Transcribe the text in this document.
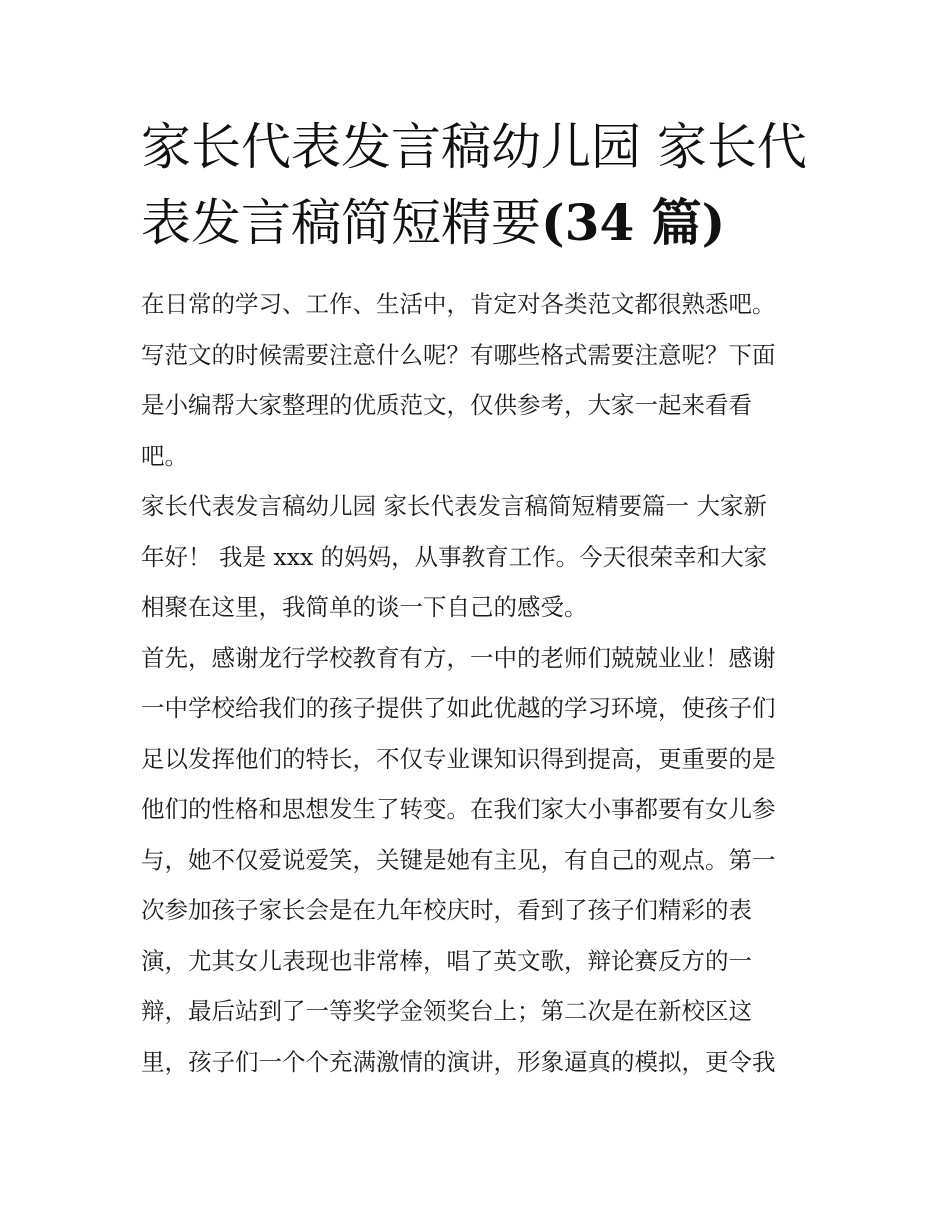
家长代表发言稿幼儿园 家长代
表发言稿简短精要(34 篇)

在日常的学习、工作、生活中，肯定对各类范文都很熟悉吧。
写范文的时候需要注意什么呢？有哪些格式需要注意呢？下面
是小编帮大家整理的优质范文，仅供参考，大家一起来看看
吧。

家长代表发言稿幼儿园 家长代表发言稿简短精要篇一 大家新
年好！ 我是 xxx 的妈妈，从事教育工作。今天很荣幸和大家
相聚在这里，我简单的谈一下自己的感受。

首先，感谢龙行学校教育有方，一中的老师们兢兢业业！感谢
一中学校给我们的孩子提供了如此优越的学习环境，使孩子们
足以发挥他们的特长，不仅专业课知识得到提高，更重要的是
他们的性格和思想发生了转变。在我们家大小事都要有女儿参
与，她不仅爱说爱笑，关键是她有主见，有自己的观点。第一
次参加孩子家长会是在九年校庆时，看到了孩子们精彩的表
演，尤其女儿表现也非常棒，唱了英文歌，辩论赛反方的一
辩，最后站到了一等奖学金领奖台上；第二次是在新校区这
里，孩子们一个个充满激情的演讲，形象逼真的模拟，更令我
